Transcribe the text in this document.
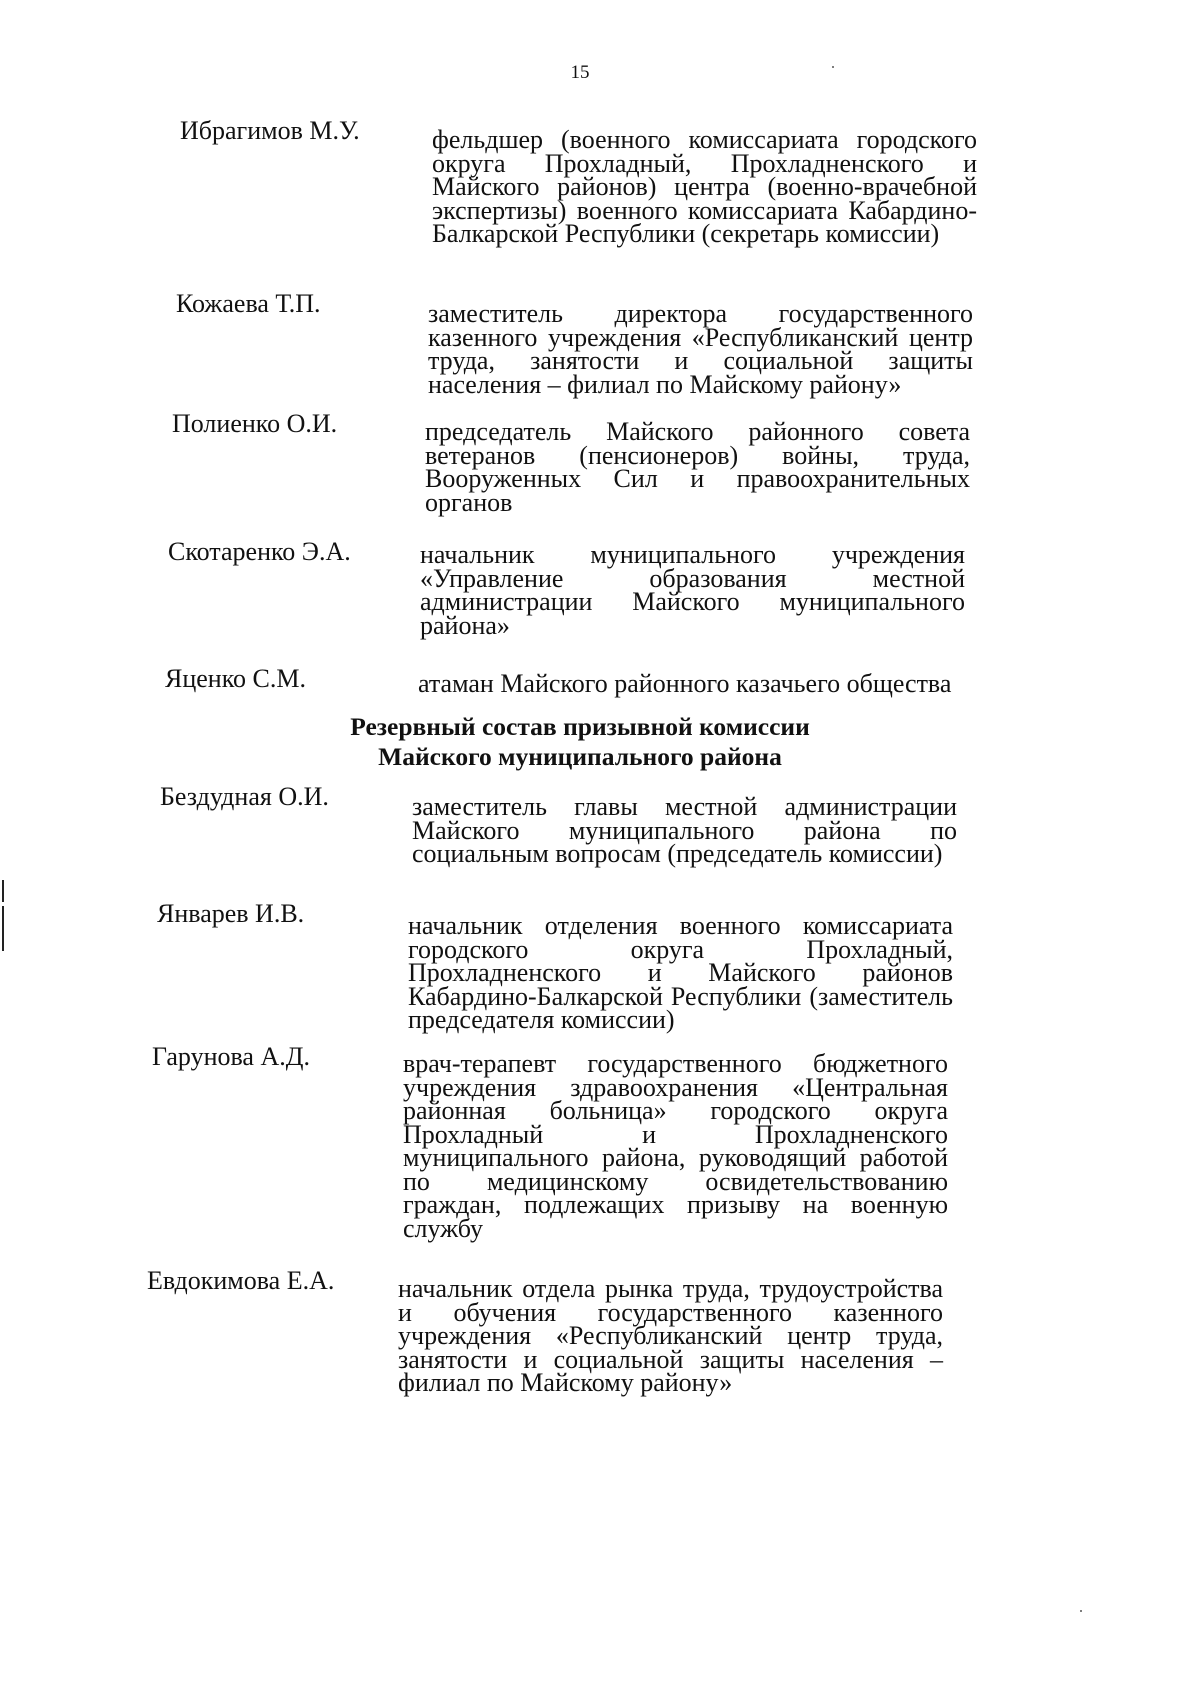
15
Ибрагимов М.У.	фельдшер (военного комиссариата городского округа Прохладный, Прохладненского и Майского районов) центра (военно-врачебной экспертизы) военного комиссариата Кабардино-Балкарской Республики (секретарь комиссии)
Кожаева Т.П.	заместитель директора государственного казенного учреждения «Республиканский центр труда, занятости и социальной защиты населения – филиал по Майскому району»
Полиенко О.И.	председатель Майского районного совета ветеранов (пенсионеров) войны, труда, Вооруженных Сил и правоохранительных органов
Скотаренко Э.А.	начальник муниципального учреждения «Управление образования местной администрации Майского муниципального района»
Яценко С.М.	атаман Майского районного казачьего общества
Резервный состав призывной комиссии
Майского муниципального района
Бездудная О.И.	заместитель главы местной администрации Майского муниципального района по социальным вопросам (председатель комиссии)
Январев И.В.	начальник отделения военного комиссариата городского округа Прохладный, Прохладненского и Майского районов Кабардино-Балкарской Республики (заместитель председателя комиссии)
Гарунова А.Д.	врач-терапевт государственного бюджетного учреждения здравоохранения «Центральная районная больница» городского округа Прохладный и Прохладненского муниципального района, руководящий работой по медицинскому освидетельствованию граждан, подлежащих призыву на военную службу
Евдокимова Е.А. начальник отдела рынка труда, трудоустройства и обучения государственного казенного учреждения «Республиканский центр труда, занятости и социальной защиты населения – филиал по Майскому району»
